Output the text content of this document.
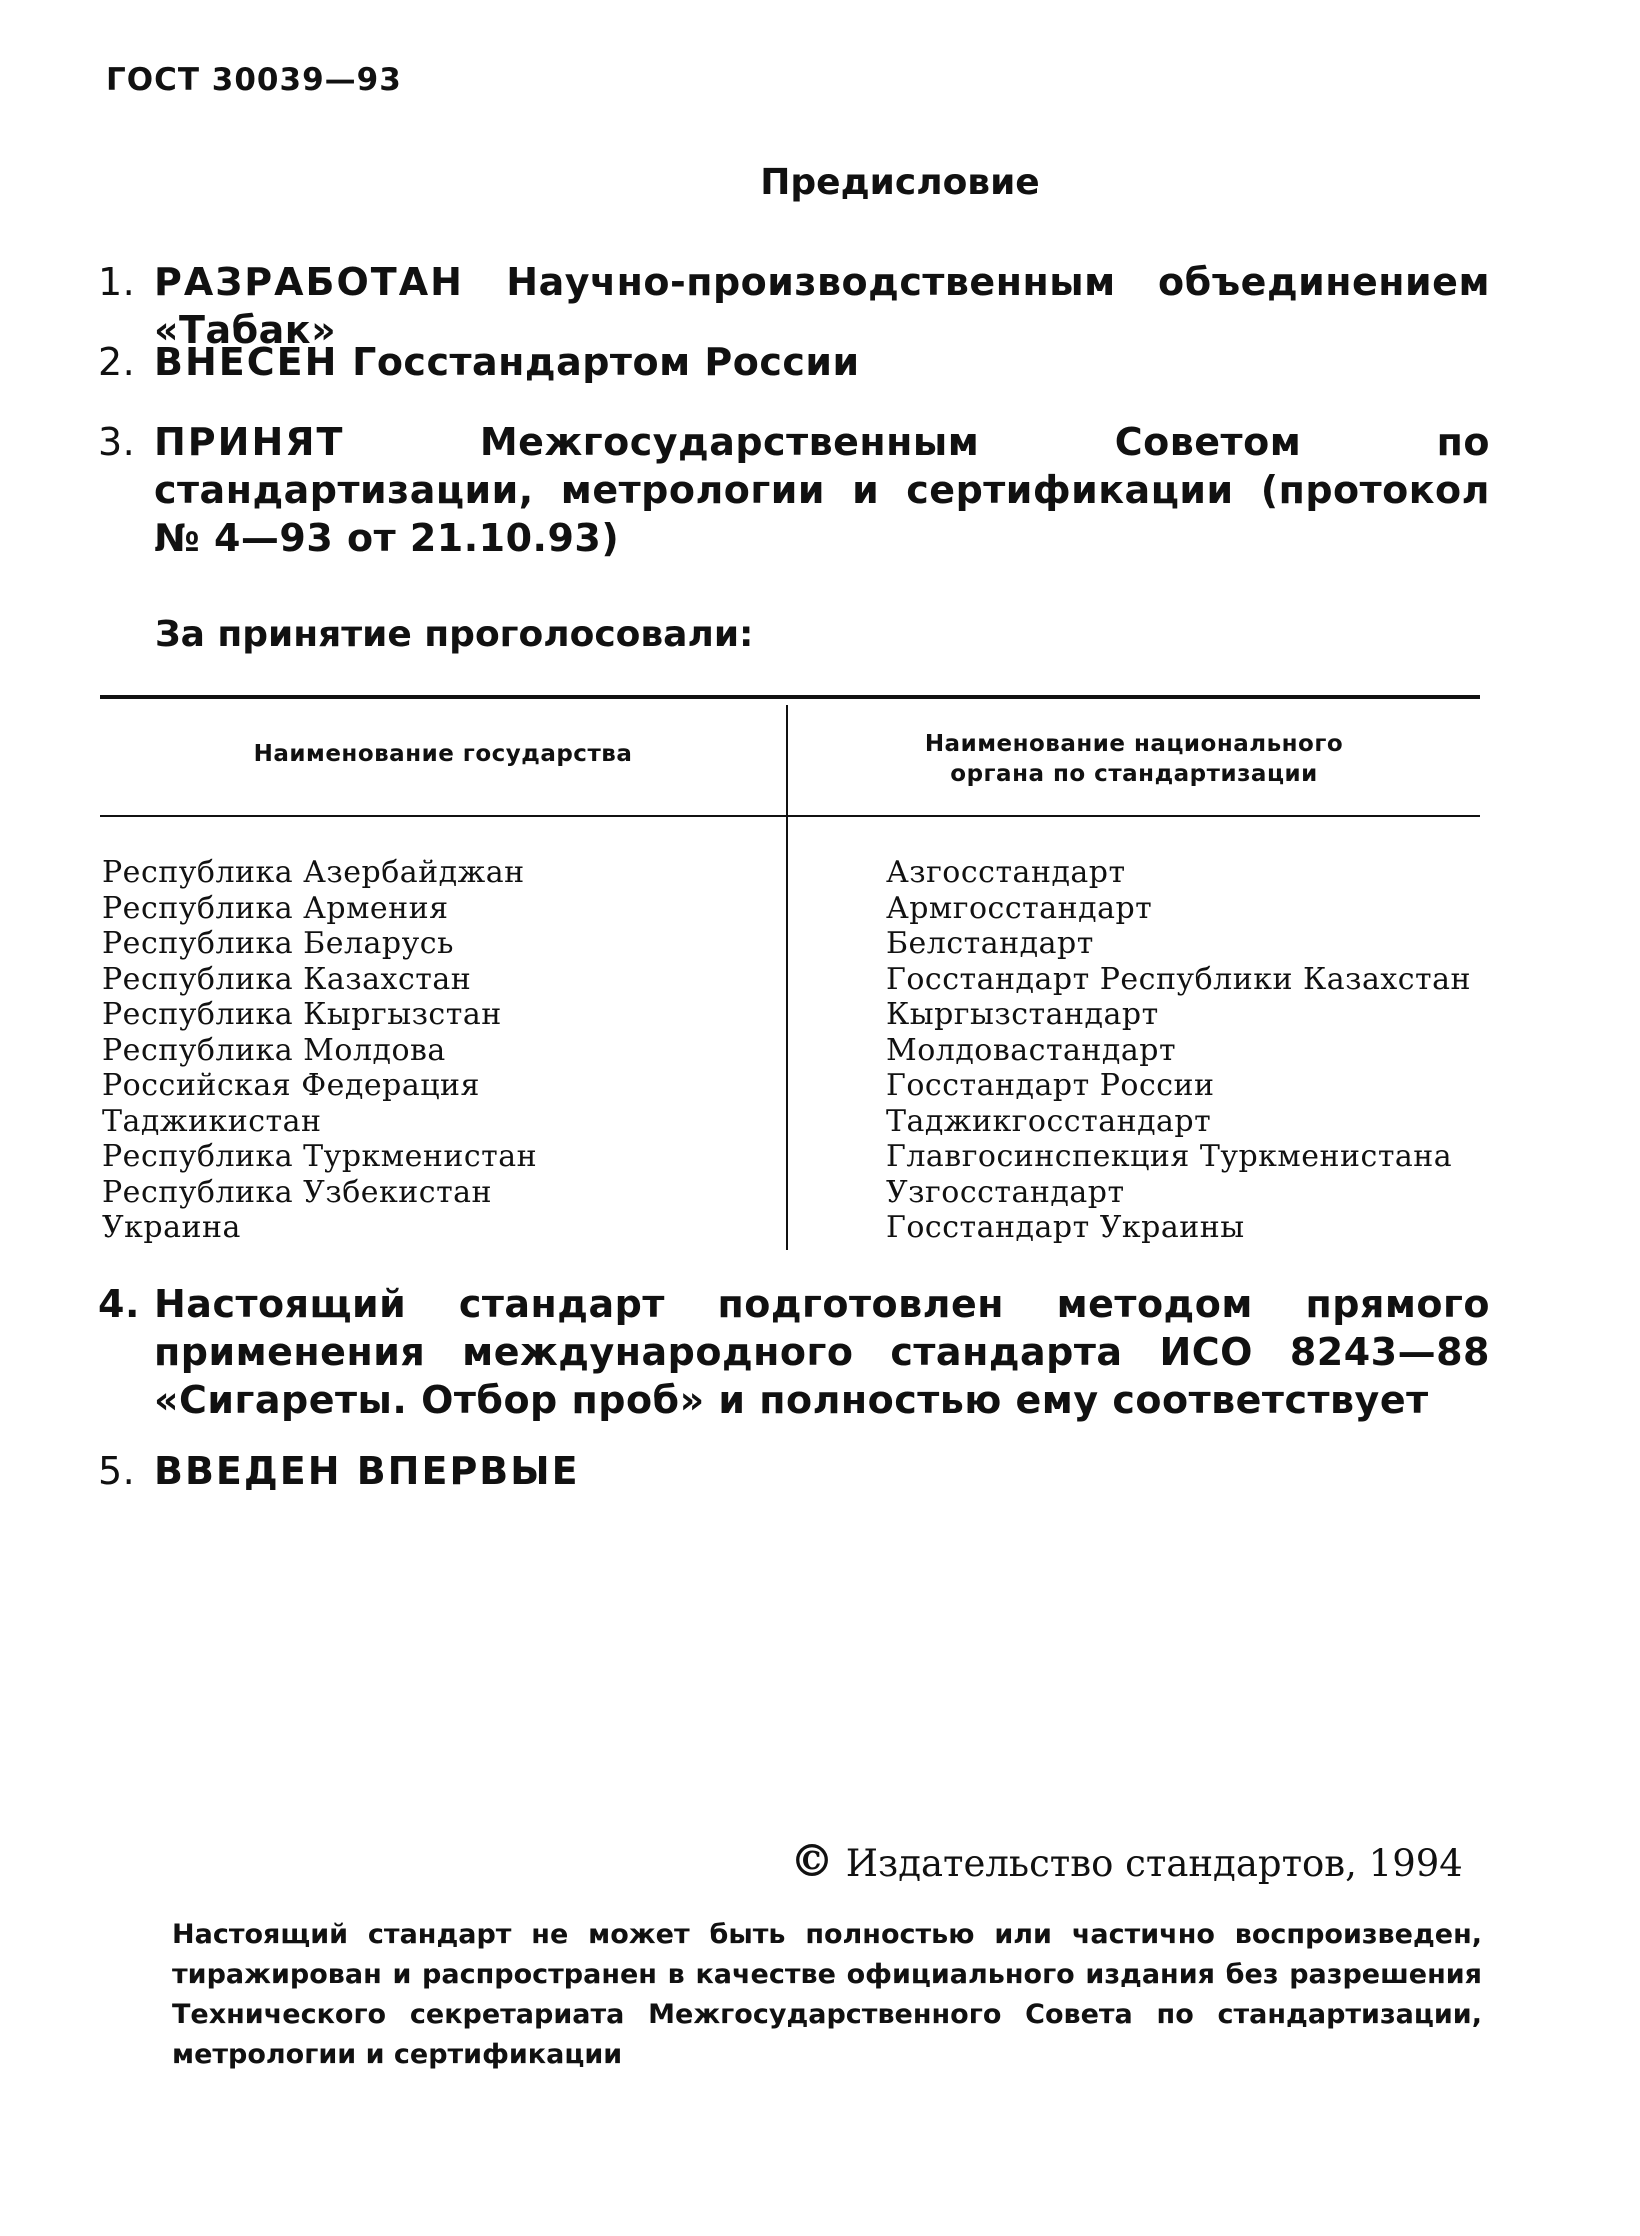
ГОСТ 30039—93
Предисловие
1. РАЗРАБОТАН Научно-производственным объединением «Табак»
2. ВНЕСЕН Госстандартом России
3. ПРИНЯТ	Межгосударственным Советом по стандартизации, метрологии и сертификации (протокол № 4—93 от 21.10.93)
За принятие проголосовали:
Наименование государства	Наименование национального органа по стандартизации
Республика Азербайджан
Республика Армения
Республика Беларусь
Республика Казахстан
Республика Кыргызстан
Республика Молдова
Российская Федерация
Таджикистан
Республика Туркменистан
Республика Узбекистан
Украина
Азгосстандарт
Армгосстандарт
Белстандарт
Госстандарт Республики Казахстан
Кыргызстандарт
Молдовастандарт
Госстандарт России
Таджикгосстандарт
Главгосинспекция Туркменистана
Узгосстандарт
Госстандарт Украины
4. Настоящий стандарт подготовлен методом прямого применения международного стандарта ИСО 8243—88 «Сигареты. Отбор проб» и полностью ему соответствует
5. ВВЕДЕН ВПЕРВЫЕ
© Издательство стандартов, 1994
Настоящий стандарт не может быть полностью или частично воспроизведен, тиражирован и распространен в качестве официального издания без разрешения Технического секретариата Межгосударственного Совета по стандартизации, метрологии и сертификации
